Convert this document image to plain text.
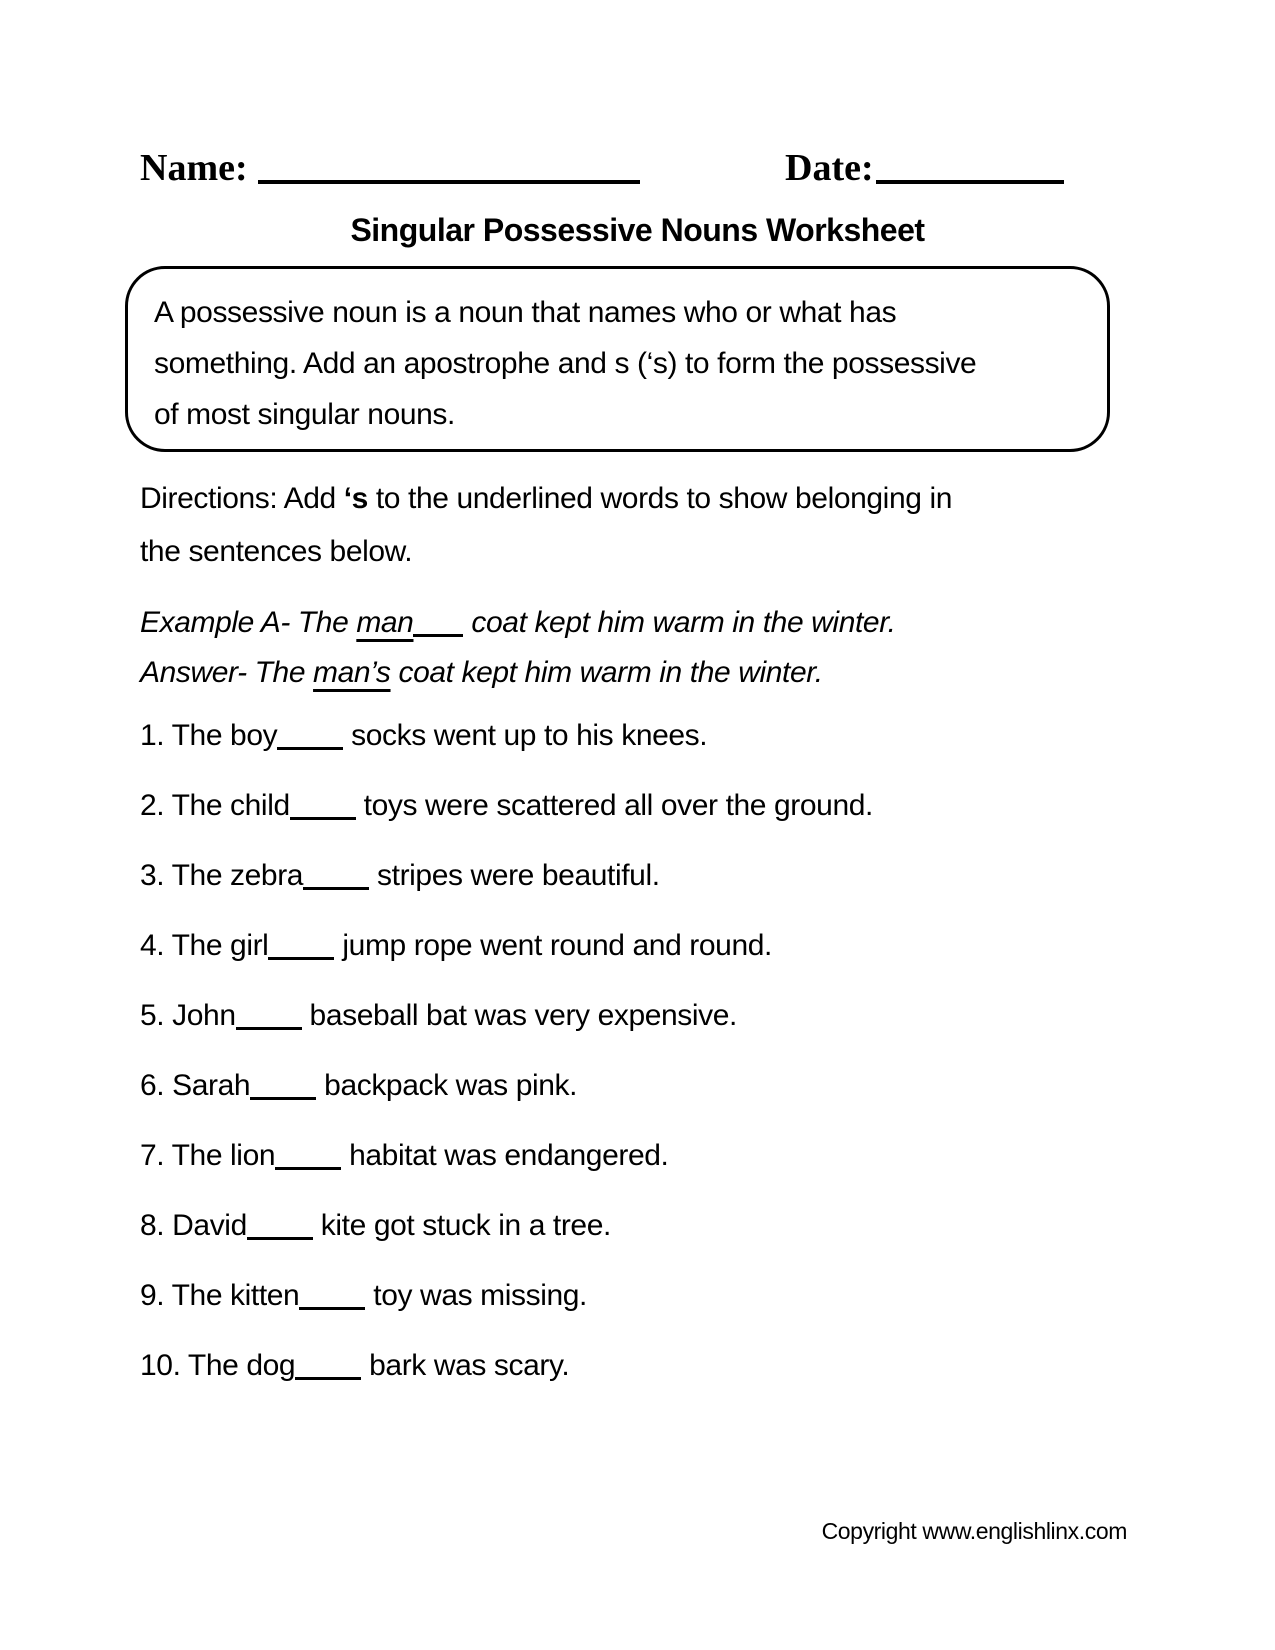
Name:	Date:
Singular Possessive Nouns Worksheet
A possessive noun is a noun that names who or what has
something. Add an apostrophe and s (‘s) to form the possessive
of most singular nouns.
Directions: Add ‘s to the underlined words to show belonging in
the sentences below.
Example A- The man coat kept him warm in the winter.
Answer- The man’s coat kept him warm in the winter.
1. The boy socks went up to his knees.
2. The child toys were scattered all over the ground.
3. The zebra stripes were beautiful.
4. The girl jump rope went round and round.
5. John baseball bat was very expensive.
6. Sarah backpack was pink.
7. The lion habitat was endangered.
8. David kite got stuck in a tree.
9. The kitten toy was missing.
10. The dog bark was scary.
Copyright www.englishlinx.com
